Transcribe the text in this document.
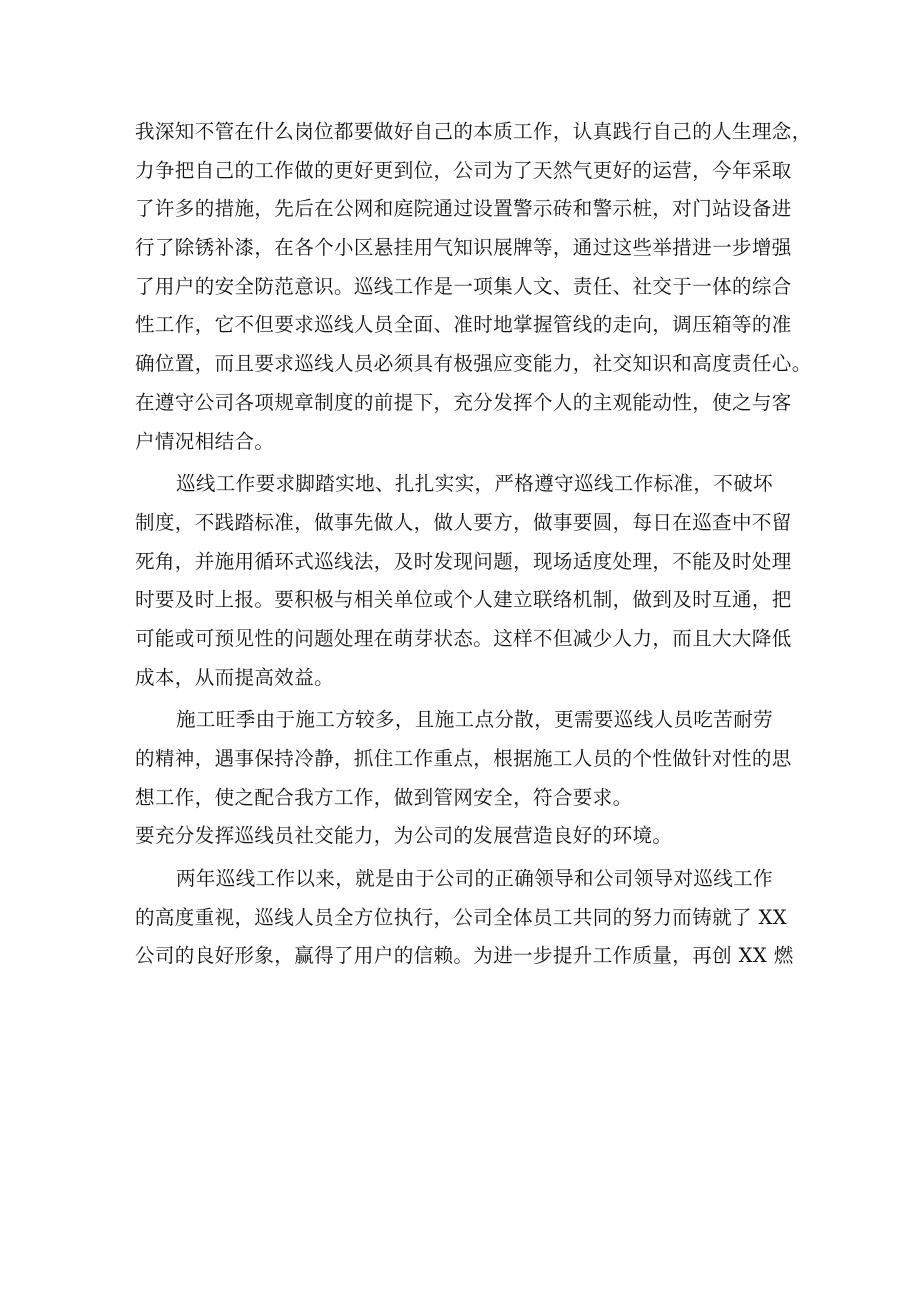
我深知不管在什么岗位都要做好自己的本质工作，认真践行自己的人生理念，
力争把自己的工作做的更好更到位，公司为了天然气更好的运营，今年采取
了许多的措施，先后在公网和庭院通过设置警示砖和警示桩，对门站设备进
行了除锈补漆，在各个小区悬挂用气知识展牌等，通过这些举措进一步增强
了用户的安全防范意识。巡线工作是一项集人文、责任、社交于一体的综合
性工作，它不但要求巡线人员全面、准时地掌握管线的走向，调压箱等的准
确位置，而且要求巡线人员必须具有极强应变能力，社交知识和高度责任心。
在遵守公司各项规章制度的前提下，充分发挥个人的主观能动性，使之与客
户情况相结合。
巡线工作要求脚踏实地、扎扎实实，严格遵守巡线工作标准，不破坏
制度，不践踏标准，做事先做人，做人要方，做事要圆，每日在巡查中不留
死角，并施用循环式巡线法，及时发现问题，现场适度处理，不能及时处理
时要及时上报。要积极与相关单位或个人建立联络机制，做到及时互通，把
可能或可预见性的问题处理在萌芽状态。这样不但减少人力，而且大大降低
成本，从而提高效益。
施工旺季由于施工方较多，且施工点分散，更需要巡线人员吃苦耐劳
的精神，遇事保持冷静，抓住工作重点，根据施工人员的个性做针对性的思
想工作，使之配合我方工作，做到管网安全，符合要求。
要充分发挥巡线员社交能力，为公司的发展营造良好的环境。
两年巡线工作以来，就是由于公司的正确领导和公司领导对巡线工作
的高度重视，巡线人员全方位执行，公司全体员工共同的努力而铸就了 XX
公司的良好形象，赢得了用户的信赖。为进一步提升工作质量，再创 XX 燃
